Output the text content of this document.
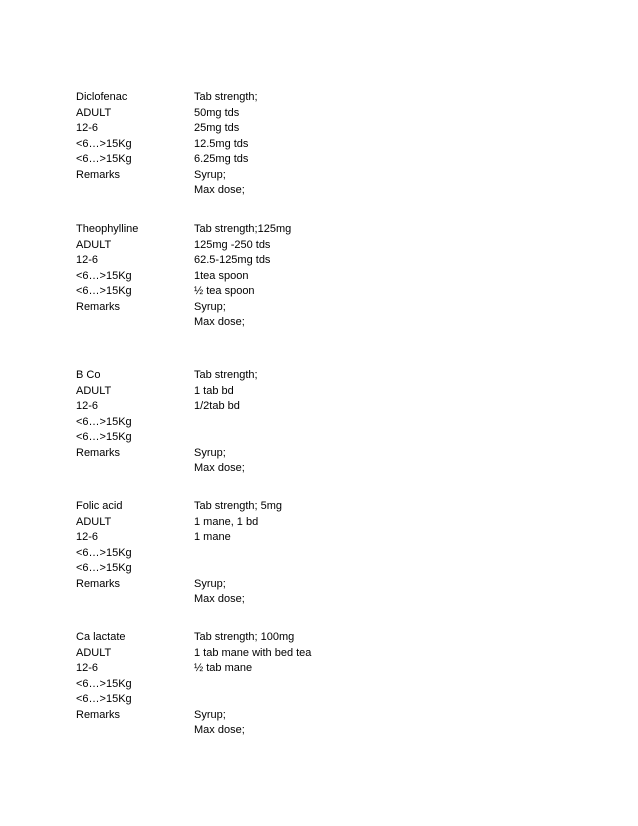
Diclofenac
ADULT
12-6
<6…>15Kg
<6…>15Kg
Remarks
Tab strength;
50mg tds
25mg tds
12.5mg tds
6.25mg tds
Syrup;
Max dose;
Theophylline
ADULT
12-6
<6…>15Kg
<6…>15Kg
Remarks
Tab strength;125mg
125mg -250 tds
62.5-125mg tds
1tea spoon
½ tea spoon
Syrup;
Max dose;
B Co
ADULT
12-6
<6…>15Kg
<6…>15Kg
Remarks
Tab strength;
1 tab bd
1/2tab bd
Syrup;
Max dose;
Folic acid
ADULT
12-6
<6…>15Kg
<6…>15Kg
Remarks
Tab strength; 5mg
1 mane, 1 bd
1 mane
Syrup;
Max dose;
Ca lactate
ADULT
12-6
<6…>15Kg
<6…>15Kg
Remarks
Tab strength; 100mg
1 tab mane with bed tea
½ tab mane
Syrup;
Max dose;
